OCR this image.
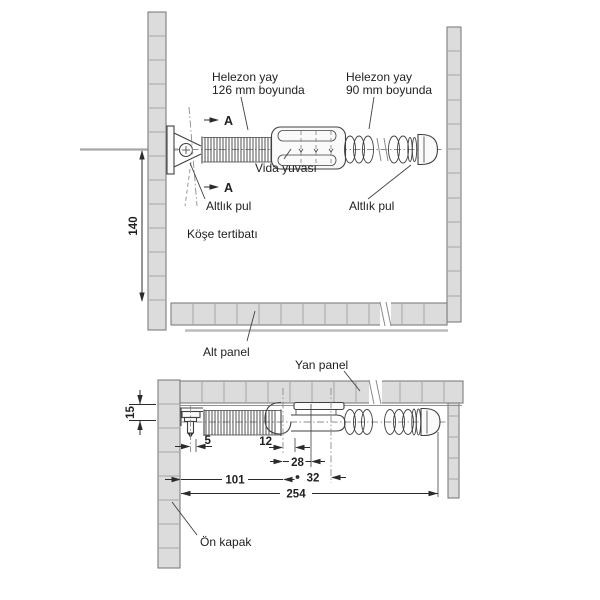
A
A
140
Helezon yay
126 mm boyunda
Helezon yay
90 mm boyunda
Vida yuvası
Altlık pul	Altlık pul
Köşe tertibatı
Alt panel
15
5	12
28
32
101
254
Yan panel
Ön kapak
